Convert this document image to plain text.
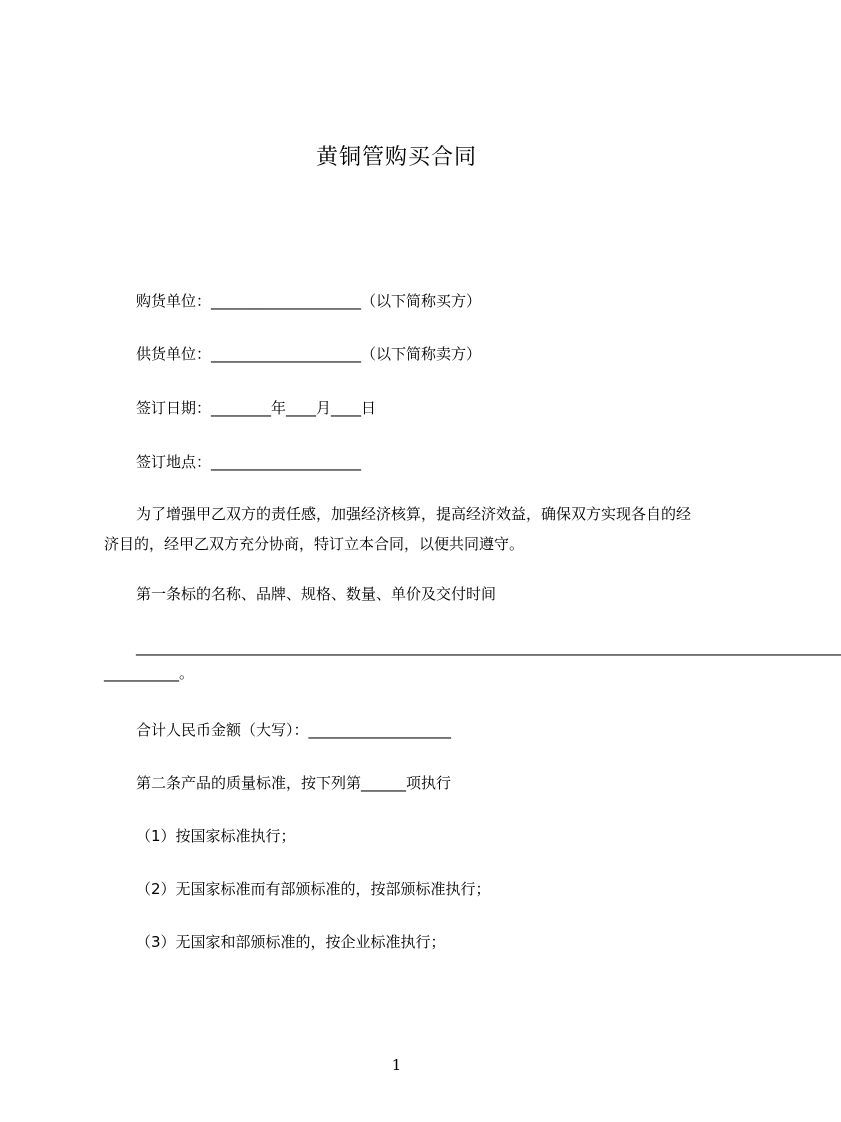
黄铜管购买合同
购货单位：____________________（以下简称买方）
供货单位：____________________（以下简称卖方）
签订日期：________年____月____日
签订地点：____________________
为了增强甲乙双方的责任感，加强经济核算，提高经济效益，确保双方实现各自的经济目的，经甲乙双方充分协商，特订立本合同，以便共同遵守。
第一条标的名称、品牌、规格、数量、单价及交付时间
______________________________________________________________________________________________
__________。
合计人民币金额（大写）：___________________
第二条产品的质量标准，按下列第______项执行
（1）按国家标准执行；
（2）无国家标准而有部颁标准的，按部颁标准执行；
（3）无国家和部颁标准的，按企业标准执行；
1
